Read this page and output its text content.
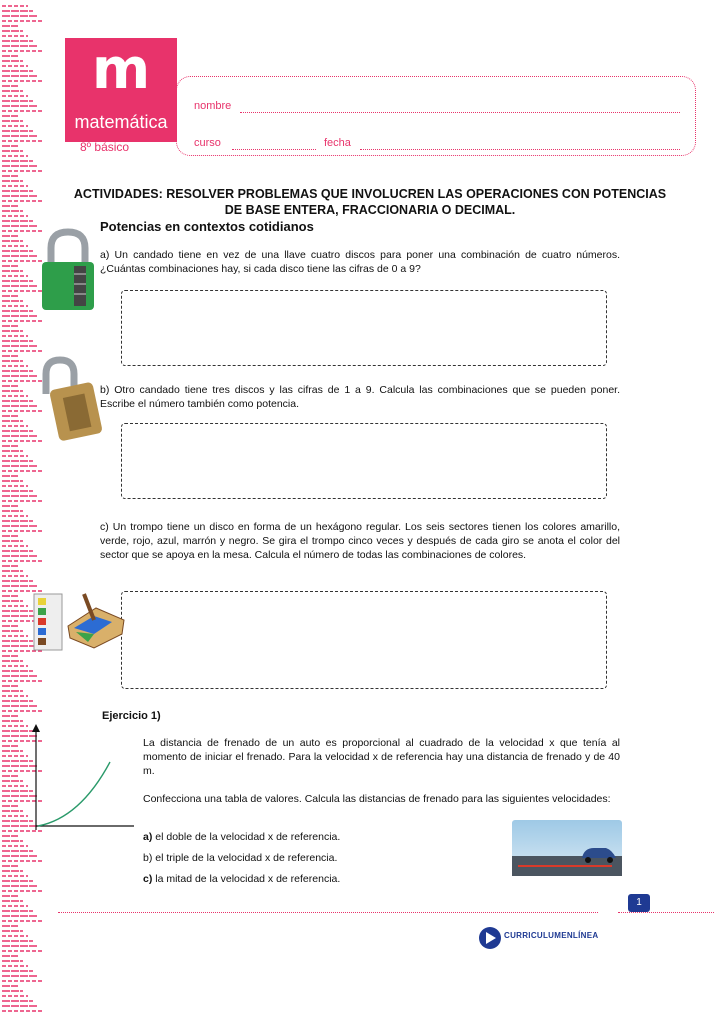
m
matemática
8º básico
nombre
curso	fecha
ACTIVIDADES: RESOLVER PROBLEMAS QUE INVOLUCREN LAS OPERACIONES CON POTENCIAS
DE BASE ENTERA, FRACCIONARIA O DECIMAL.
Potencias en contextos cotidianos
a) Un candado tiene en vez de una llave cuatro discos para poner una combinación de cuatro números. ¿Cuántas combinaciones hay, si cada disco tiene las cifras de 0 a 9?
b) Otro candado tiene tres discos y las cifras de 1 a 9. Calcula las combinaciones que se pueden poner. Escribe el número también como potencia.
c) Un trompo tiene un disco en forma de un hexágono regular. Los seis sectores tienen los colores amarillo, verde, rojo, azul, marrón y negro. Se gira el trompo cinco veces y después de cada giro se anota el color del sector que se apoya en la mesa. Calcula el número de todas las combinaciones de colores.
Ejercicio 1)
La distancia de frenado de un auto es proporcional al cuadrado de la velocidad x que tenía al momento de iniciar el frenado. Para la velocidad x de referencia hay una distancia de frenado y de 40 m.
Confecciona una tabla de valores. Calcula las distancias de frenado para las siguientes velocidades:
a) el doble de la velocidad x de referencia.
b) el triple de la velocidad x de referencia.
c) la mitad de la velocidad x de referencia.
CURRICULUMENLÍNEA
1
